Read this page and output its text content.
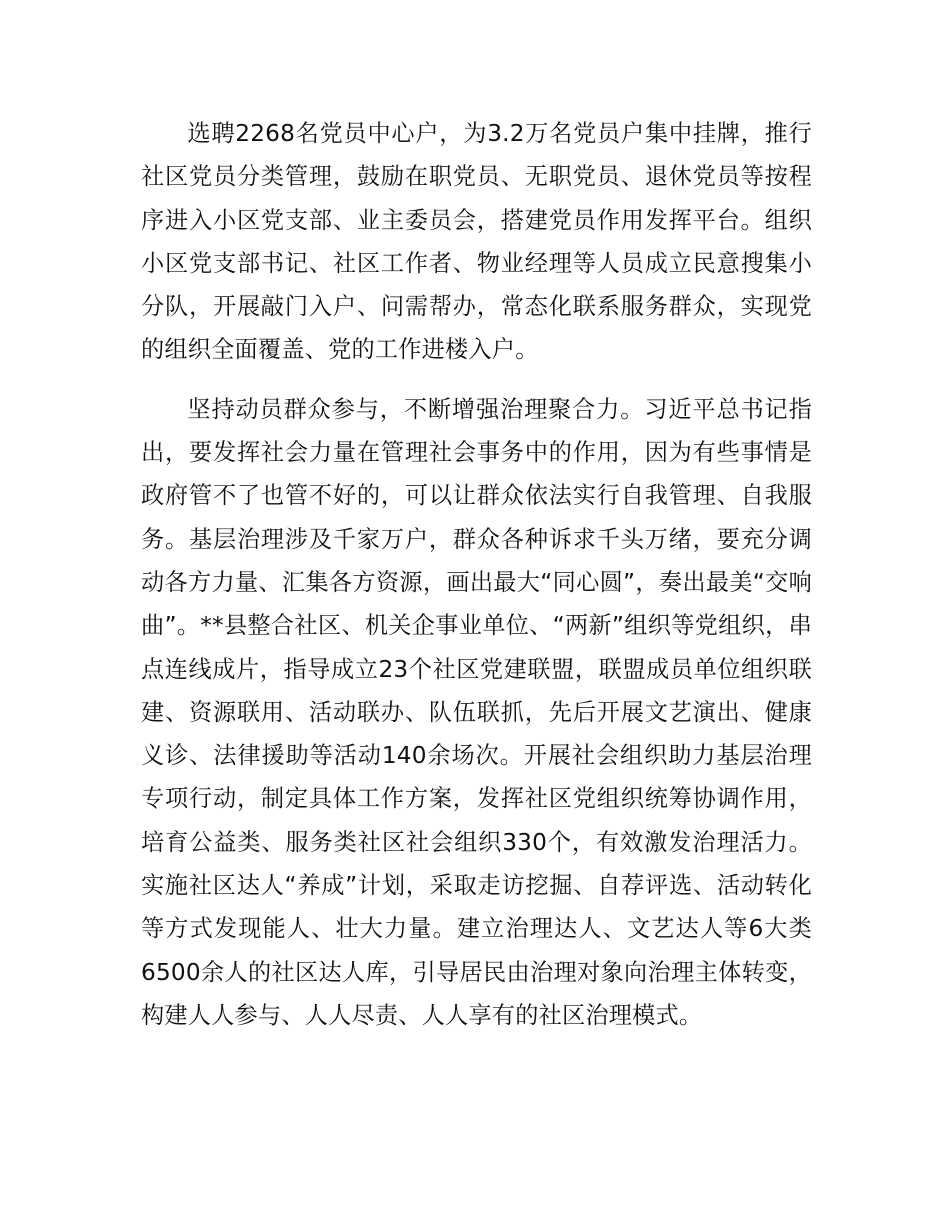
选聘2268名党员中心户，为3.2万名党员户集中挂牌，推行社区党员分类管理，鼓励在职党员、无职党员、退休党员等按程序进入小区党支部、业主委员会，搭建党员作用发挥平台。组织小区党支部书记、社区工作者、物业经理等人员成立民意搜集小分队，开展敲门入户、问需帮办，常态化联系服务群众，实现党的组织全面覆盖、党的工作进楼入户。

坚持动员群众参与，不断增强治理聚合力。习近平总书记指出，要发挥社会力量在管理社会事务中的作用，因为有些事情是政府管不了也管不好的，可以让群众依法实行自我管理、自我服务。基层治理涉及千家万户，群众各种诉求千头万绪，要充分调动各方力量、汇集各方资源，画出最大“同心圆”，奏出最美“交响曲”。**县整合社区、机关企事业单位、“两新”组织等党组织，串点连线成片，指导成立23个社区党建联盟，联盟成员单位组织联建、资源联用、活动联办、队伍联抓，先后开展文艺演出、健康义诊、法律援助等活动140余场次。开展社会组织助力基层治理专项行动，制定具体工作方案，发挥社区党组织统筹协调作用，培育公益类、服务类社区社会组织330个，有效激发治理活力。实施社区达人“养成”计划，采取走访挖掘、自荐评选、活动转化等方式发现能人、壮大力量。建立治理达人、文艺达人等6大类6500余人的社区达人库，引导居民由治理对象向治理主体转变，构建人人参与、人人尽责、人人享有的社区治理模式。
